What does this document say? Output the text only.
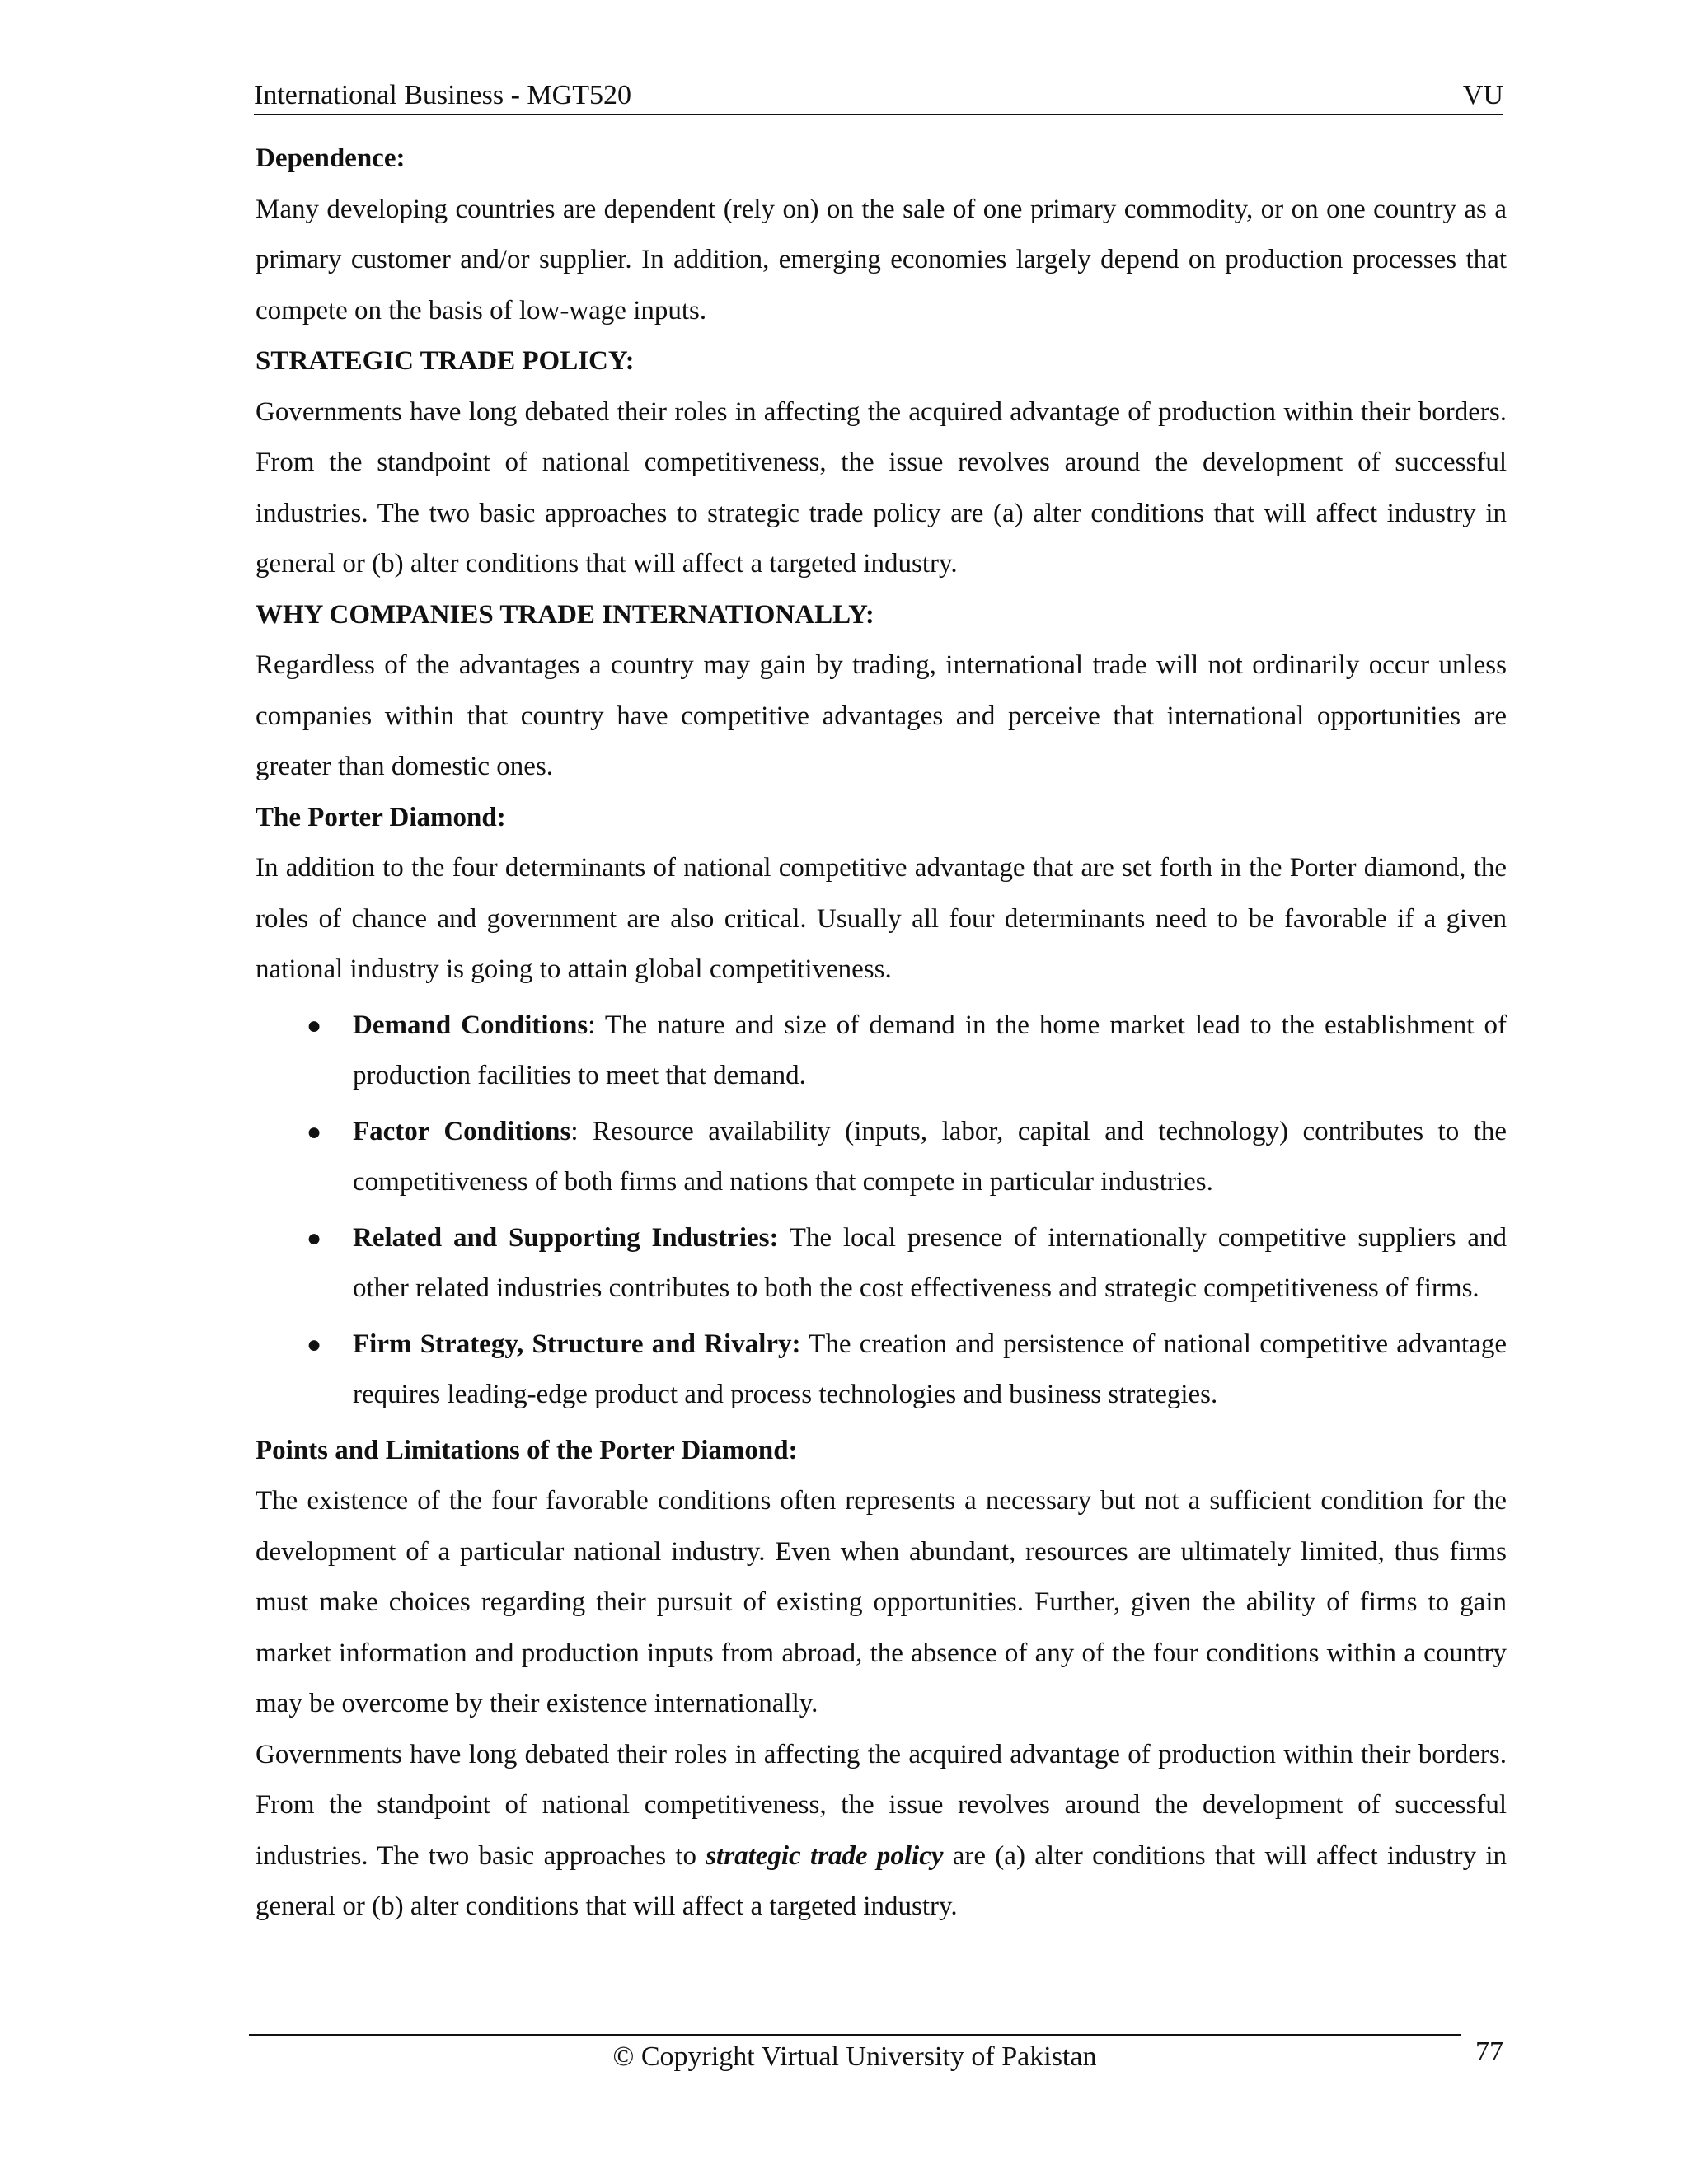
International Business - MGT520	VU

Dependence:

Many developing countries are dependent (rely on) on the sale of one primary commodity, or on one country as a primary customer and/or supplier. In addition, emerging economies largely depend on production processes that compete on the basis of low-wage inputs.

STRATEGIC TRADE POLICY:

Governments have long debated their roles in affecting the acquired advantage of production within their borders. From the standpoint of national competitiveness, the issue revolves around the development of successful industries. The two basic approaches to strategic trade policy are (a) alter conditions that will affect industry in general or (b) alter conditions that will affect a targeted industry.

WHY COMPANIES TRADE INTERNATIONALLY:

Regardless of the advantages a country may gain by trading, international trade will not ordinarily occur unless companies within that country have competitive advantages and perceive that international opportunities are greater than domestic ones.

The Porter Diamond:

In addition to the four determinants of national competitive advantage that are set forth in the Porter diamond, the roles of chance and government are also critical. Usually all four determinants need to be favorable if a given national industry is going to attain global competitiveness.

● Demand Conditions: The nature and size of demand in the home market lead to the establishment of production facilities to meet that demand.
● Factor Conditions: Resource availability (inputs, labor, capital and technology) contributes to the competitiveness of both firms and nations that compete in particular industries.
● Related and Supporting Industries: The local presence of internationally competitive suppliers and other related industries contributes to both the cost effectiveness and strategic competitiveness of firms.
● Firm Strategy, Structure and Rivalry: The creation and persistence of national competitive advantage requires leading-edge product and process technologies and business strategies.

Points and Limitations of the Porter Diamond:

The existence of the four favorable conditions often represents a necessary but not a sufficient condition for the development of a particular national industry. Even when abundant, resources are ultimately limited, thus firms must make choices regarding their pursuit of existing opportunities. Further, given the ability of firms to gain market information and production inputs from abroad, the absence of any of the four conditions within a country may be overcome by their existence internationally.

Governments have long debated their roles in affecting the acquired advantage of production within their borders. From the standpoint of national competitiveness, the issue revolves around the development of successful industries. The two basic approaches to strategic trade policy are (a) alter conditions that will affect industry in general or (b) alter conditions that will affect a targeted industry.

© Copyright Virtual University of Pakistan	77
